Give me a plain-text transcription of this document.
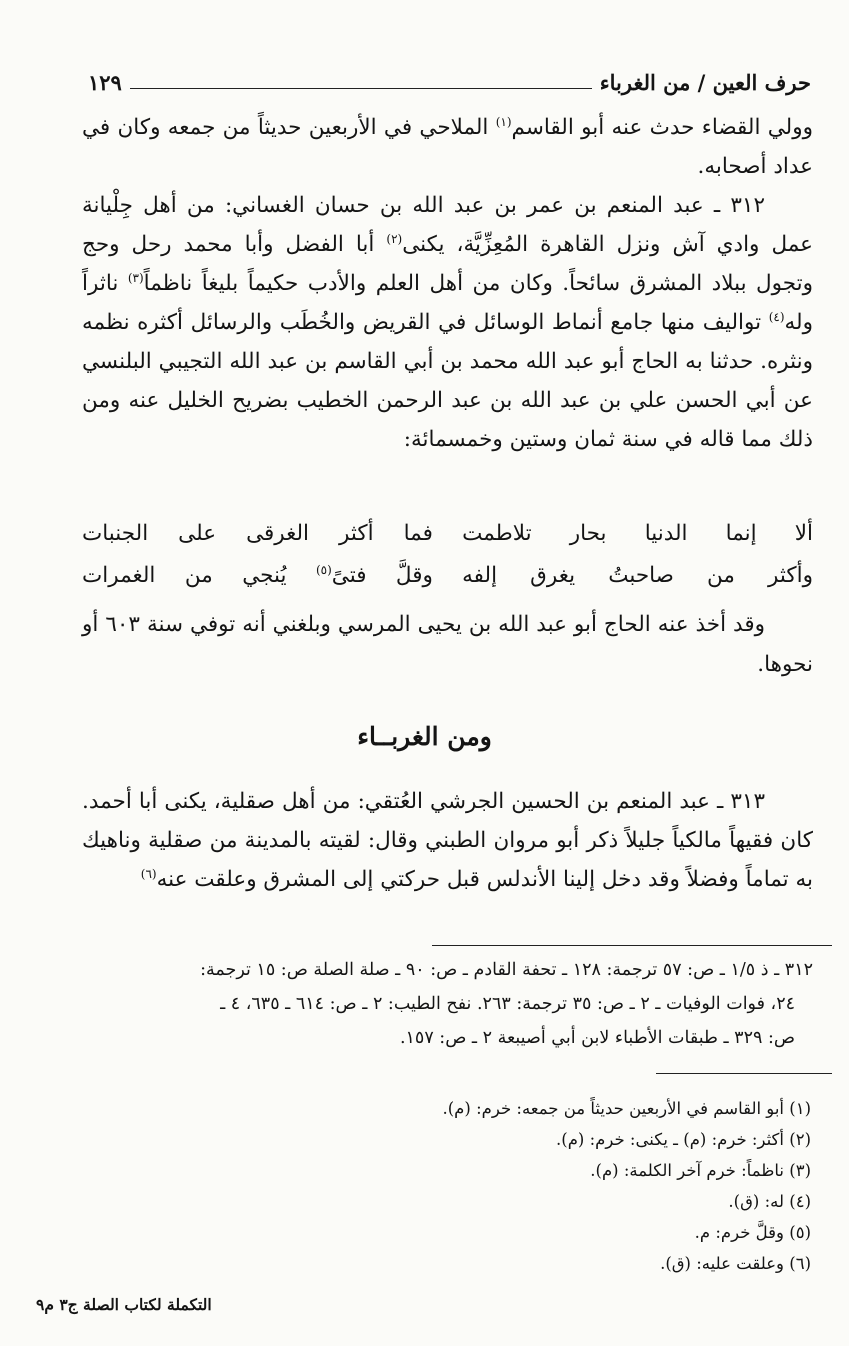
حرف العين / من الغرباء
١٢٩

وولي القضاء حدث عنه أبو القاسم$^{(١)}$ الملاحي في الأربعين حديثاً من جمعه وكان في عداد أصحابه.

٣١٢ ـ عبد المنعم بن عمر بن عبد الله بن حسان الغساني: من أهل جِلْيانة عمل وادي آش ونزل القاهرة المُعِزِّيَّة، يكنى$^{(٢)}$ أبا الفضل وأبا محمد رحل وحج وتجول ببلاد المشرق سائحاً. وكان من أهل العلم والأدب حكيماً بليغاً ناظماً$^{(٣)}$ ناثراً وله$^{(٤)}$ تواليف منها جامع أنماط الوسائل في القريض والخُطَب والرسائل أكثره نظمه ونثره. حدثنا به الحاج أبو عبد الله محمد بن أبي القاسم بن عبد الله التجيبي البلنسي عن أبي الحسن علي بن عبد الله بن عبد الرحمن الخطيب بضريح الخليل عنه ومن ذلك مما قاله في سنة ثمان وستين وخمسمائة:

ألا إنما الدنيا بحار تلاطمت
فما أكثر الغرقى على الجنبات
وأكثر من صاحبتُ يغرق إلفه
وقلَّ فتىً$^{(٥)}$ يُنجي من الغمرات
وقد أخذ عنه الحاج أبو عبد الله بن يحيى المرسي وبلغني أنه توفي سنة ٦٠٣ أو نحوها.
ومن الغربــاء
٣١٣ ـ عبد المنعم بن الحسين الجرشي العُتقي: من أهل صقلية، يكنى أبا أحمد. كان فقيهاً مالكياً جليلاً ذكر أبو مروان الطبني وقال: لقيته بالمدينة من صقلية وناهيك به تماماً وفضلاً وقد دخل إلينا الأندلس قبل حركتي إلى المشرق وعلقت عنه$^{(٦)}$

٣١٢ ـ ذ ١/٥ ـ ص: ٥٧ ترجمة: ١٢٨ ـ تحفة القادم ـ ص: ٩٠ ـ صلة الصلة ص: ١٥ ترجمة:

٢٤، فوات الوفيات ـ ٢ ـ ص: ٣٥ ترجمة: ٢٦٣. نفح الطيب: ٢ ـ ص: ٦١٤ ـ ٦٣٥، ٤ ـ

ص: ٣٢٩ ـ طبقات الأطباء لابن أبي أصيبعة ٢ ـ ص: ١٥٧.

(١) أبو القاسم في الأربعين حديثاً من جمعه: خرم: (م).

(٢) أكثر: خرم: (م) ـ يكنى: خرم: (م).

(٣) ناظماً: خرم آخر الكلمة: (م).

(٤) له: (ق).

(٥) وقلَّ خرم: م.

(٦) وعلقت عليه: (ق).

التكملة لكتاب الصلة ج٣ م٩
